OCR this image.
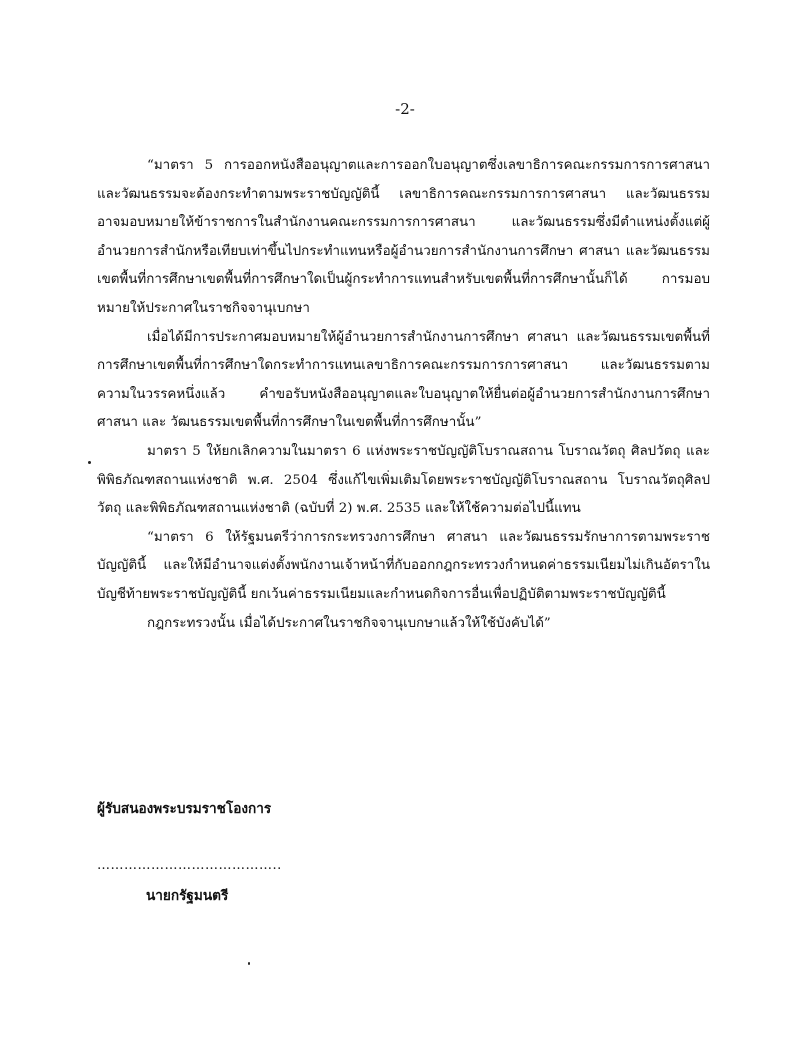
-2-

“มาตรา 5 การออกหนังสืออนุญาตและการออกใบอนุญาตซึ่งเลขาธิการคณะกรรมการการศาสนา และวัฒนธรรมจะต้องกระทำตามพระราชบัญญัตินี้ เลขาธิการคณะกรรมการการศาสนา และวัฒนธรรมอาจมอบหมายให้ข้าราชการในสำนักงานคณะกรรมการการศาสนา และวัฒนธรรมซึ่งมีตำแหน่งตั้งแต่ผู้อำนวยการสำนักหรือเทียบเท่าขึ้นไปกระทำแทนหรือผู้อำนวยการสำนักงานการศึกษา ศาสนา และวัฒนธรรมเขตพื้นที่การศึกษาเขตพื้นที่การศึกษาใดเป็นผู้กระทำการแทนสำหรับเขตพื้นที่การศึกษานั้นก็ได้ การมอบหมายให้ประกาศในราชกิจจานุเบกษา

เมื่อได้มีการประกาศมอบหมายให้ผู้อำนวยการสำนักงานการศึกษา ศาสนา และวัฒนธรรมเขตพื้นที่การศึกษาเขตพื้นที่การศึกษาใดกระทำการแทนเลขาธิการคณะกรรมการการศาสนา และวัฒนธรรมตามความในวรรคหนึ่งแล้ว คำขอรับหนังสืออนุญาตและใบอนุญาตให้ยื่นต่อผู้อำนวยการสำนักงานการศึกษา ศาสนา และ วัฒนธรรมเขตพื้นที่การศึกษาในเขตพื้นที่การศึกษานั้น”

มาตรา 5 ให้ยกเลิกความในมาตรา 6 แห่งพระราชบัญญัติโบราณสถาน โบราณวัตถุ ศิลปวัตถุ และพิพิธภัณฑสถานแห่งชาติ พ.ศ. 2504 ซึ่งแก้ไขเพิ่มเติมโดยพระราชบัญญัติโบราณสถาน โบราณวัตถุศิลปวัตถุ และพิพิธภัณฑสถานแห่งชาติ (ฉบับที่ 2) พ.ศ. 2535 และให้ใช้ความต่อไปนี้แทน

“มาตรา 6 ให้รัฐมนตรีว่าการกระทรวงการศึกษา ศาสนา และวัฒนธรรมรักษาการตามพระราชบัญญัตินี้ และให้มีอำนาจแต่งตั้งพนักงานเจ้าหน้าที่กับออกกฎกระทรวงกำหนดค่าธรรมเนียมไม่เกินอัตราในบัญชีท้ายพระราชบัญญัตินี้ ยกเว้นค่าธรรมเนียมและกำหนดกิจการอื่นเพื่อปฏิบัติตามพระราชบัญญัตินี้

กฎกระทรวงนั้น เมื่อได้ประกาศในราชกิจจานุเบกษาแล้วให้ใช้บังคับได้”

ผู้รับสนองพระบรมราชโองการ
…………………………………..
นายกรัฐมนตรี
